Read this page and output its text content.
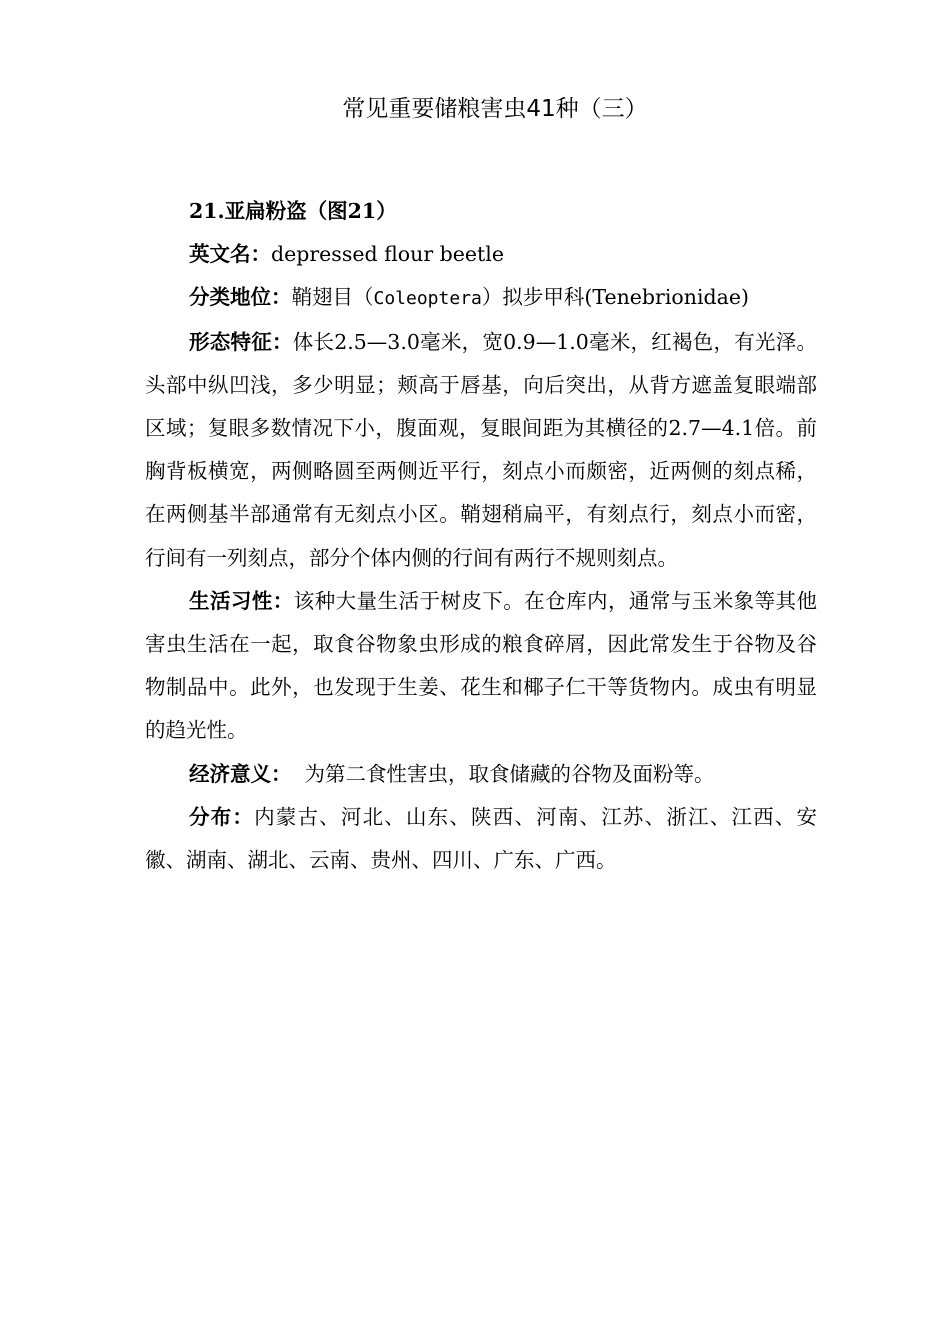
常见重要储粮害虫41种（三）

21.亚扁粉盗（图21）

英文名：depressed flour beetle

分类地位：鞘翅目（Coleoptera）拟步甲科(Tenebrionidae)

形态特征：体长2.5—3.0毫米，宽0.9—1.0毫米，红褐色，有光泽。头部中纵凹浅，多少明显；颊高于唇基，向后突出，从背方遮盖复眼端部区域；复眼多数情况下小，腹面观，复眼间距为其横径的2.7—4.1倍。前胸背板横宽，两侧略圆至两侧近平行，刻点小而颇密，近两侧的刻点稀，在两侧基半部通常有无刻点小区。鞘翅稍扁平，有刻点行，刻点小而密，行间有一列刻点，部分个体内侧的行间有两行不规则刻点。

生活习性：该种大量生活于树皮下。在仓库内，通常与玉米象等其他害虫生活在一起，取食谷物象虫形成的粮食碎屑，因此常发生于谷物及谷物制品中。此外，也发现于生姜、花生和椰子仁干等货物内。成虫有明显的趋光性。

经济意义：  为第二食性害虫，取食储藏的谷物及面粉等。

分布：内蒙古、河北、山东、陕西、河南、江苏、浙江、江西、安徽、湖南、湖北、云南、贵州、四川、广东、广西。
